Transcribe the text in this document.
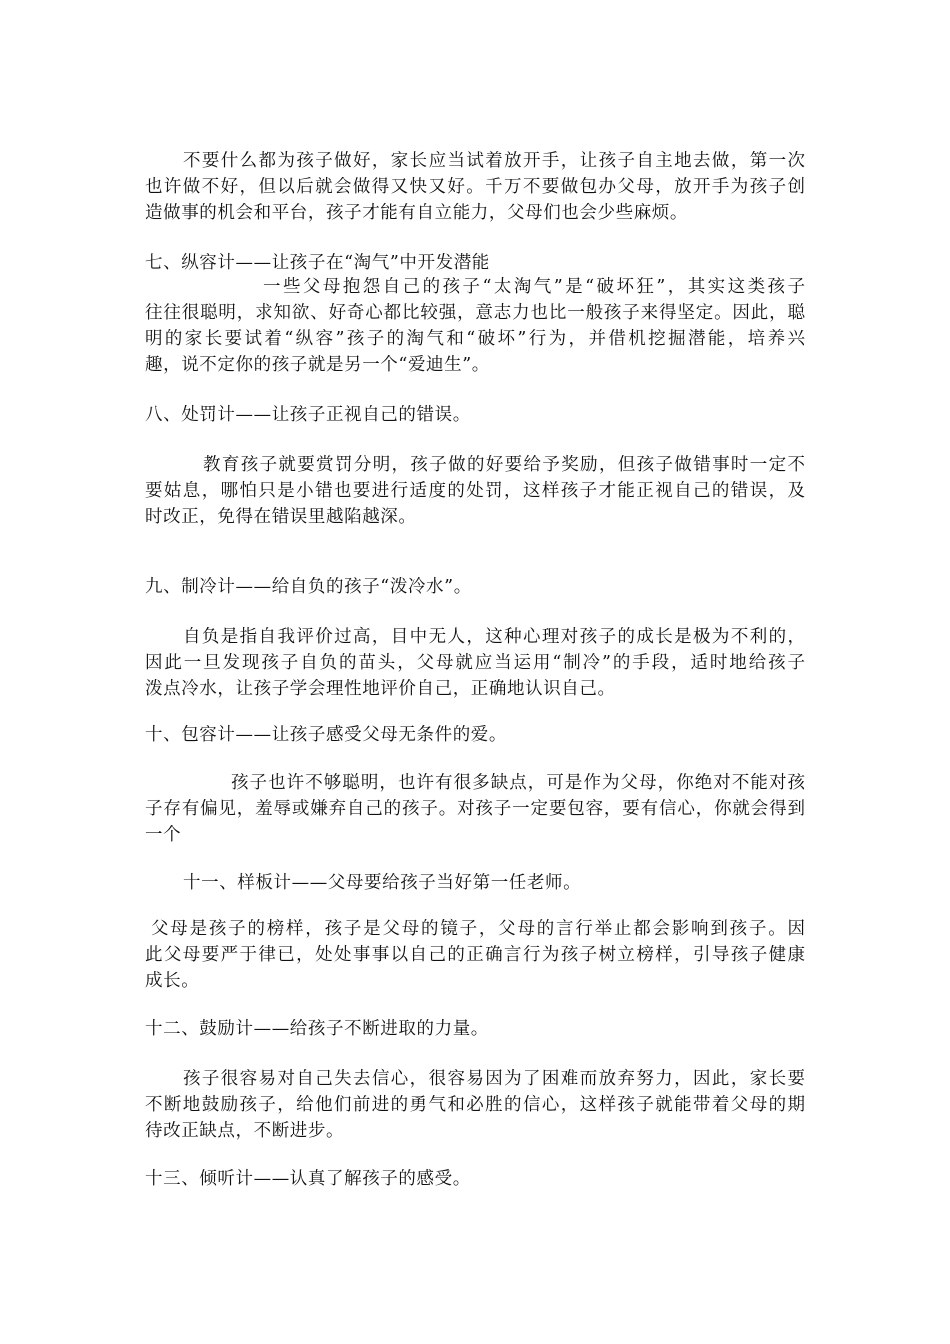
不要什么都为孩子做好，家长应当试着放开手，让孩子自主地去做，第一次
也许做不好，但以后就会做得又快又好。千万不要做包办父母，放开手为孩子创
造做事的机会和平台，孩子才能有自立能力，父母们也会少些麻烦。
七、纵容计——让孩子在“淘气”中开发潜能
一些父母抱怨自己的孩子“太淘气”是“破坏狂”，其实这类孩子
往往很聪明，求知欲、好奇心都比较强，意志力也比一般孩子来得坚定。因此，聪
明的家长要试着“纵容”孩子的淘气和“破坏”行为，并借机挖掘潜能，培养兴
趣，说不定你的孩子就是另一个“爱迪生”。
八、处罚计——让孩子正视自己的错误。
教育孩子就要赏罚分明，孩子做的好要给予奖励，但孩子做错事时一定不
要姑息，哪怕只是小错也要进行适度的处罚，这样孩子才能正视自己的错误，及
时改正，免得在错误里越陷越深。
九、制冷计——给自负的孩子“泼冷水”。
自负是指自我评价过高，目中无人，这种心理对孩子的成长是极为不利的，
因此一旦发现孩子自负的苗头，父母就应当运用“制冷”的手段，适时地给孩子
泼点冷水，让孩子学会理性地评价自己，正确地认识自己。
十、包容计——让孩子感受父母无条件的爱。
孩子也许不够聪明，也许有很多缺点，可是作为父母，你绝对不能对孩
子存有偏见，羞辱或嫌弃自己的孩子。对孩子一定要包容，要有信心，你就会得到
一个
十一、样板计——父母要给孩子当好第一任老师。
父母是孩子的榜样，孩子是父母的镜子，父母的言行举止都会影响到孩子。因
此父母要严于律已，处处事事以自己的正确言行为孩子树立榜样，引导孩子健康
成长。
十二、鼓励计——给孩子不断进取的力量。
孩子很容易对自己失去信心，很容易因为了困难而放弃努力，因此，家长要
不断地鼓励孩子，给他们前进的勇气和必胜的信心，这样孩子就能带着父母的期
待改正缺点，不断进步。
十三、倾听计——认真了解孩子的感受。
